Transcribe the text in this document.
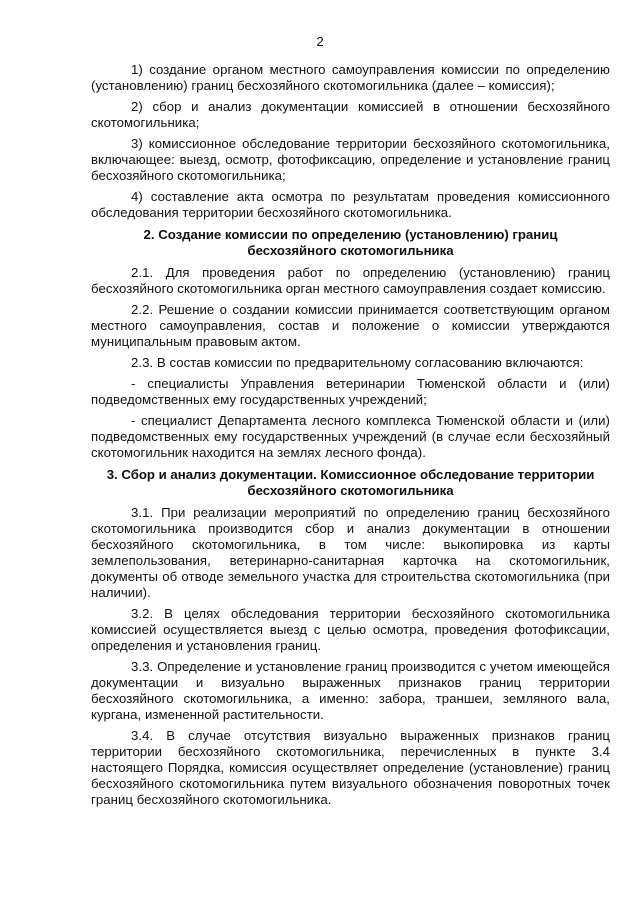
2

1) создание органом местного самоуправления комиссии по определению (установлению) границ бесхозяйного скотомогильника (далее – комиссия);

2) сбор и анализ документации комиссией в отношении бесхозяйного скотомогильника;

3) комиссионное обследование территории бесхозяйного скотомогильника, включающее: выезд, осмотр, фотофиксацию, определение и установление границ бесхозяйного скотомогильника;

4) составление акта осмотра по результатам проведения комиссионного обследования территории бесхозяйного скотомогильника.

2. Создание комиссии по определению (установлению) границ бесхозяйного скотомогильника

2.1. Для проведения работ по определению (установлению) границ бесхозяйного скотомогильника орган местного самоуправления создает комиссию.

2.2. Решение о создании комиссии принимается соответствующим органом местного самоуправления, состав и положение о комиссии утверждаются муниципальным правовым актом.

2.3. В состав комиссии по предварительному согласованию включаются:

- специалисты Управления ветеринарии Тюменской области и (или) подведомственных ему государственных учреждений;

- специалист Департамента лесного комплекса Тюменской области и (или) подведомственных ему государственных учреждений (в случае если бесхозяйный скотомогильник находится на землях лесного фонда).

3. Сбор и анализ документации. Комиссионное обследование территории бесхозяйного скотомогильника

3.1. При реализации мероприятий по определению границ бесхозяйного скотомогильника производится сбор и анализ документации в отношении бесхозяйного скотомогильника, в том числе: выкопировка из карты землепользования, ветеринарно-санитарная карточка на скотомогильник, документы об отводе земельного участка для строительства скотомогильника (при наличии).

3.2. В целях обследования территории бесхозяйного скотомогильника комиссией осуществляется выезд с целью осмотра, проведения фотофиксации, определения и установления границ.

3.3. Определение и установление границ производится с учетом имеющейся документации и визуально выраженных признаков границ территории бесхозяйного скотомогильника, а именно: забора, траншеи, земляного вала, кургана, измененной растительности.

3.4. В случае отсутствия визуально выраженных признаков границ территории бесхозяйного скотомогильника, перечисленных в пункте 3.4 настоящего Порядка, комиссия осуществляет определение (установление) границ бесхозяйного скотомогильника путем визуального обозначения поворотных точек границ бесхозяйного скотомогильника.
